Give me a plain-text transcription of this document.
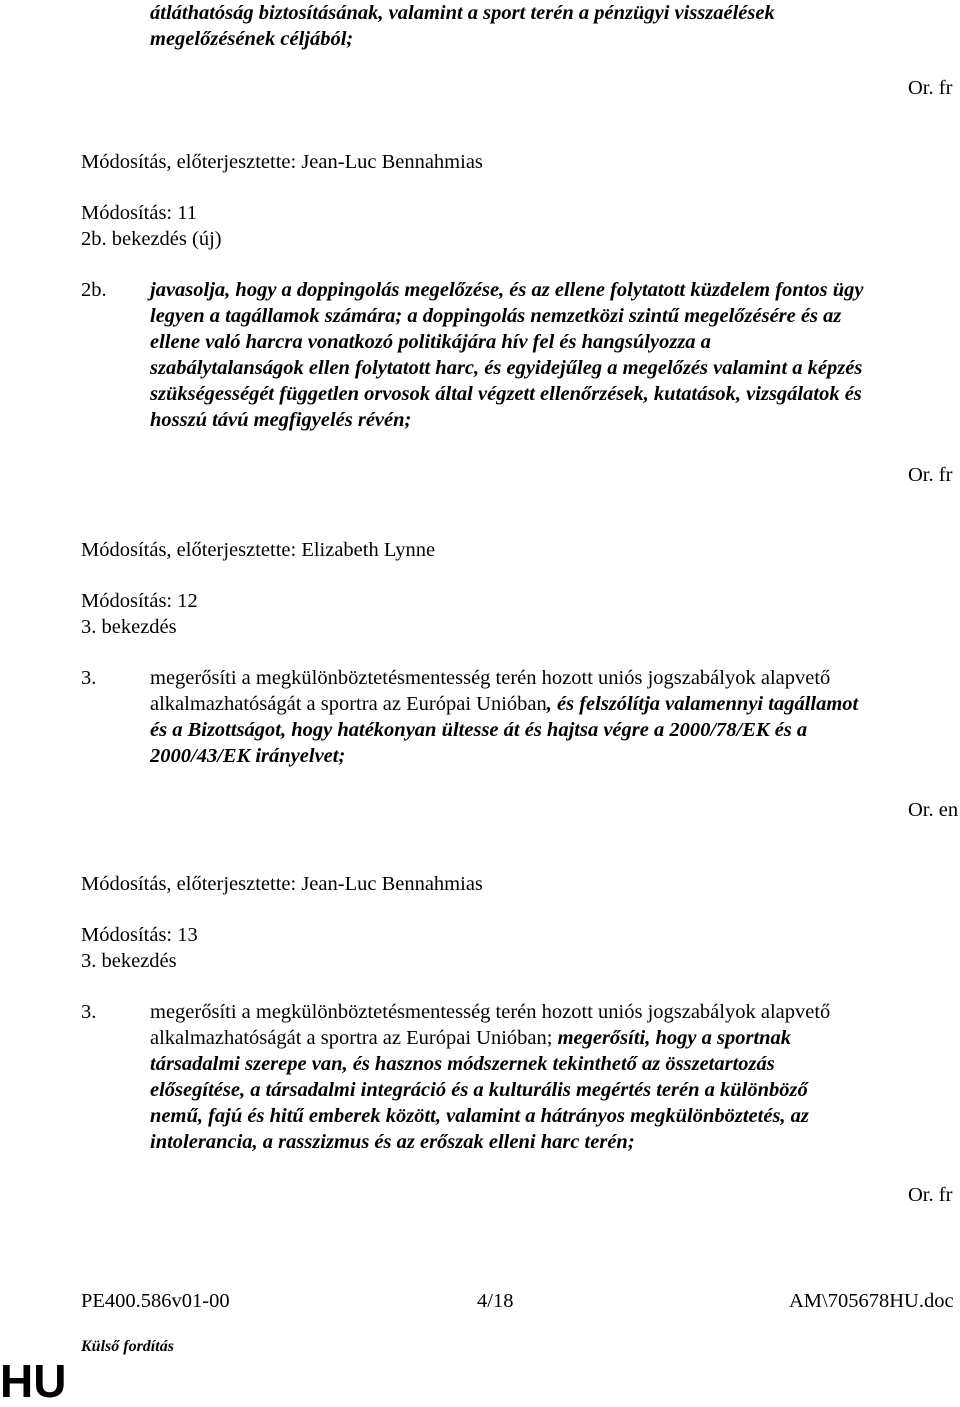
átláthatóság biztosításának, valamint a sport terén a pénzügyi visszaélések
megelőzésének céljából;
Or. fr
Módosítás, előterjesztette: Jean-Luc Bennahmias
Módosítás: 11
2b. bekezdés (új)
2b. javasolja, hogy a doppingolás megelőzése, és az ellene folytatott küzdelem fontos ügy
legyen a tagállamok számára; a doppingolás nemzetközi szintű megelőzésére és az
ellene való harcra vonatkozó politikájára hív fel és hangsúlyozza a
szabálytalanságok ellen folytatott harc, és egyidejűleg a megelőzés valamint a képzés
szükségességét független orvosok által végzett ellenőrzések, kutatások, vizsgálatok és
hosszú távú megfigyelés révén;
Or. fr
Módosítás, előterjesztette: Elizabeth Lynne
Módosítás: 12
3. bekezdés
3.	megerősíti a megkülönböztetésmentesség terén hozott uniós jogszabályok alapvető
alkalmazhatóságát a sportra az Európai Unióban, és felszólítja valamennyi tagállamot
és a Bizottságot, hogy hatékonyan ültesse át és hajtsa végre a 2000/78/EK és a
2000/43/EK irányelvet;
Or. en
Módosítás, előterjesztette: Jean-Luc Bennahmias
Módosítás: 13
3. bekezdés
3.	megerősíti a megkülönböztetésmentesség terén hozott uniós jogszabályok alapvető
alkalmazhatóságát a sportra az Európai Unióban; megerősíti, hogy a sportnak
társadalmi szerepe van, és hasznos módszernek tekinthető az összetartozás
elősegítése, a társadalmi integráció és a kulturális megértés terén a különböző
nemű, fajú és hitű emberek között, valamint a hátrányos megkülönböztetés, az
intolerancia, a rasszizmus és az erőszak elleni harc terén;
Or. fr
PE400.586v01-00	4/18	AM\705678HU.doc
Külső fordítás
HU
